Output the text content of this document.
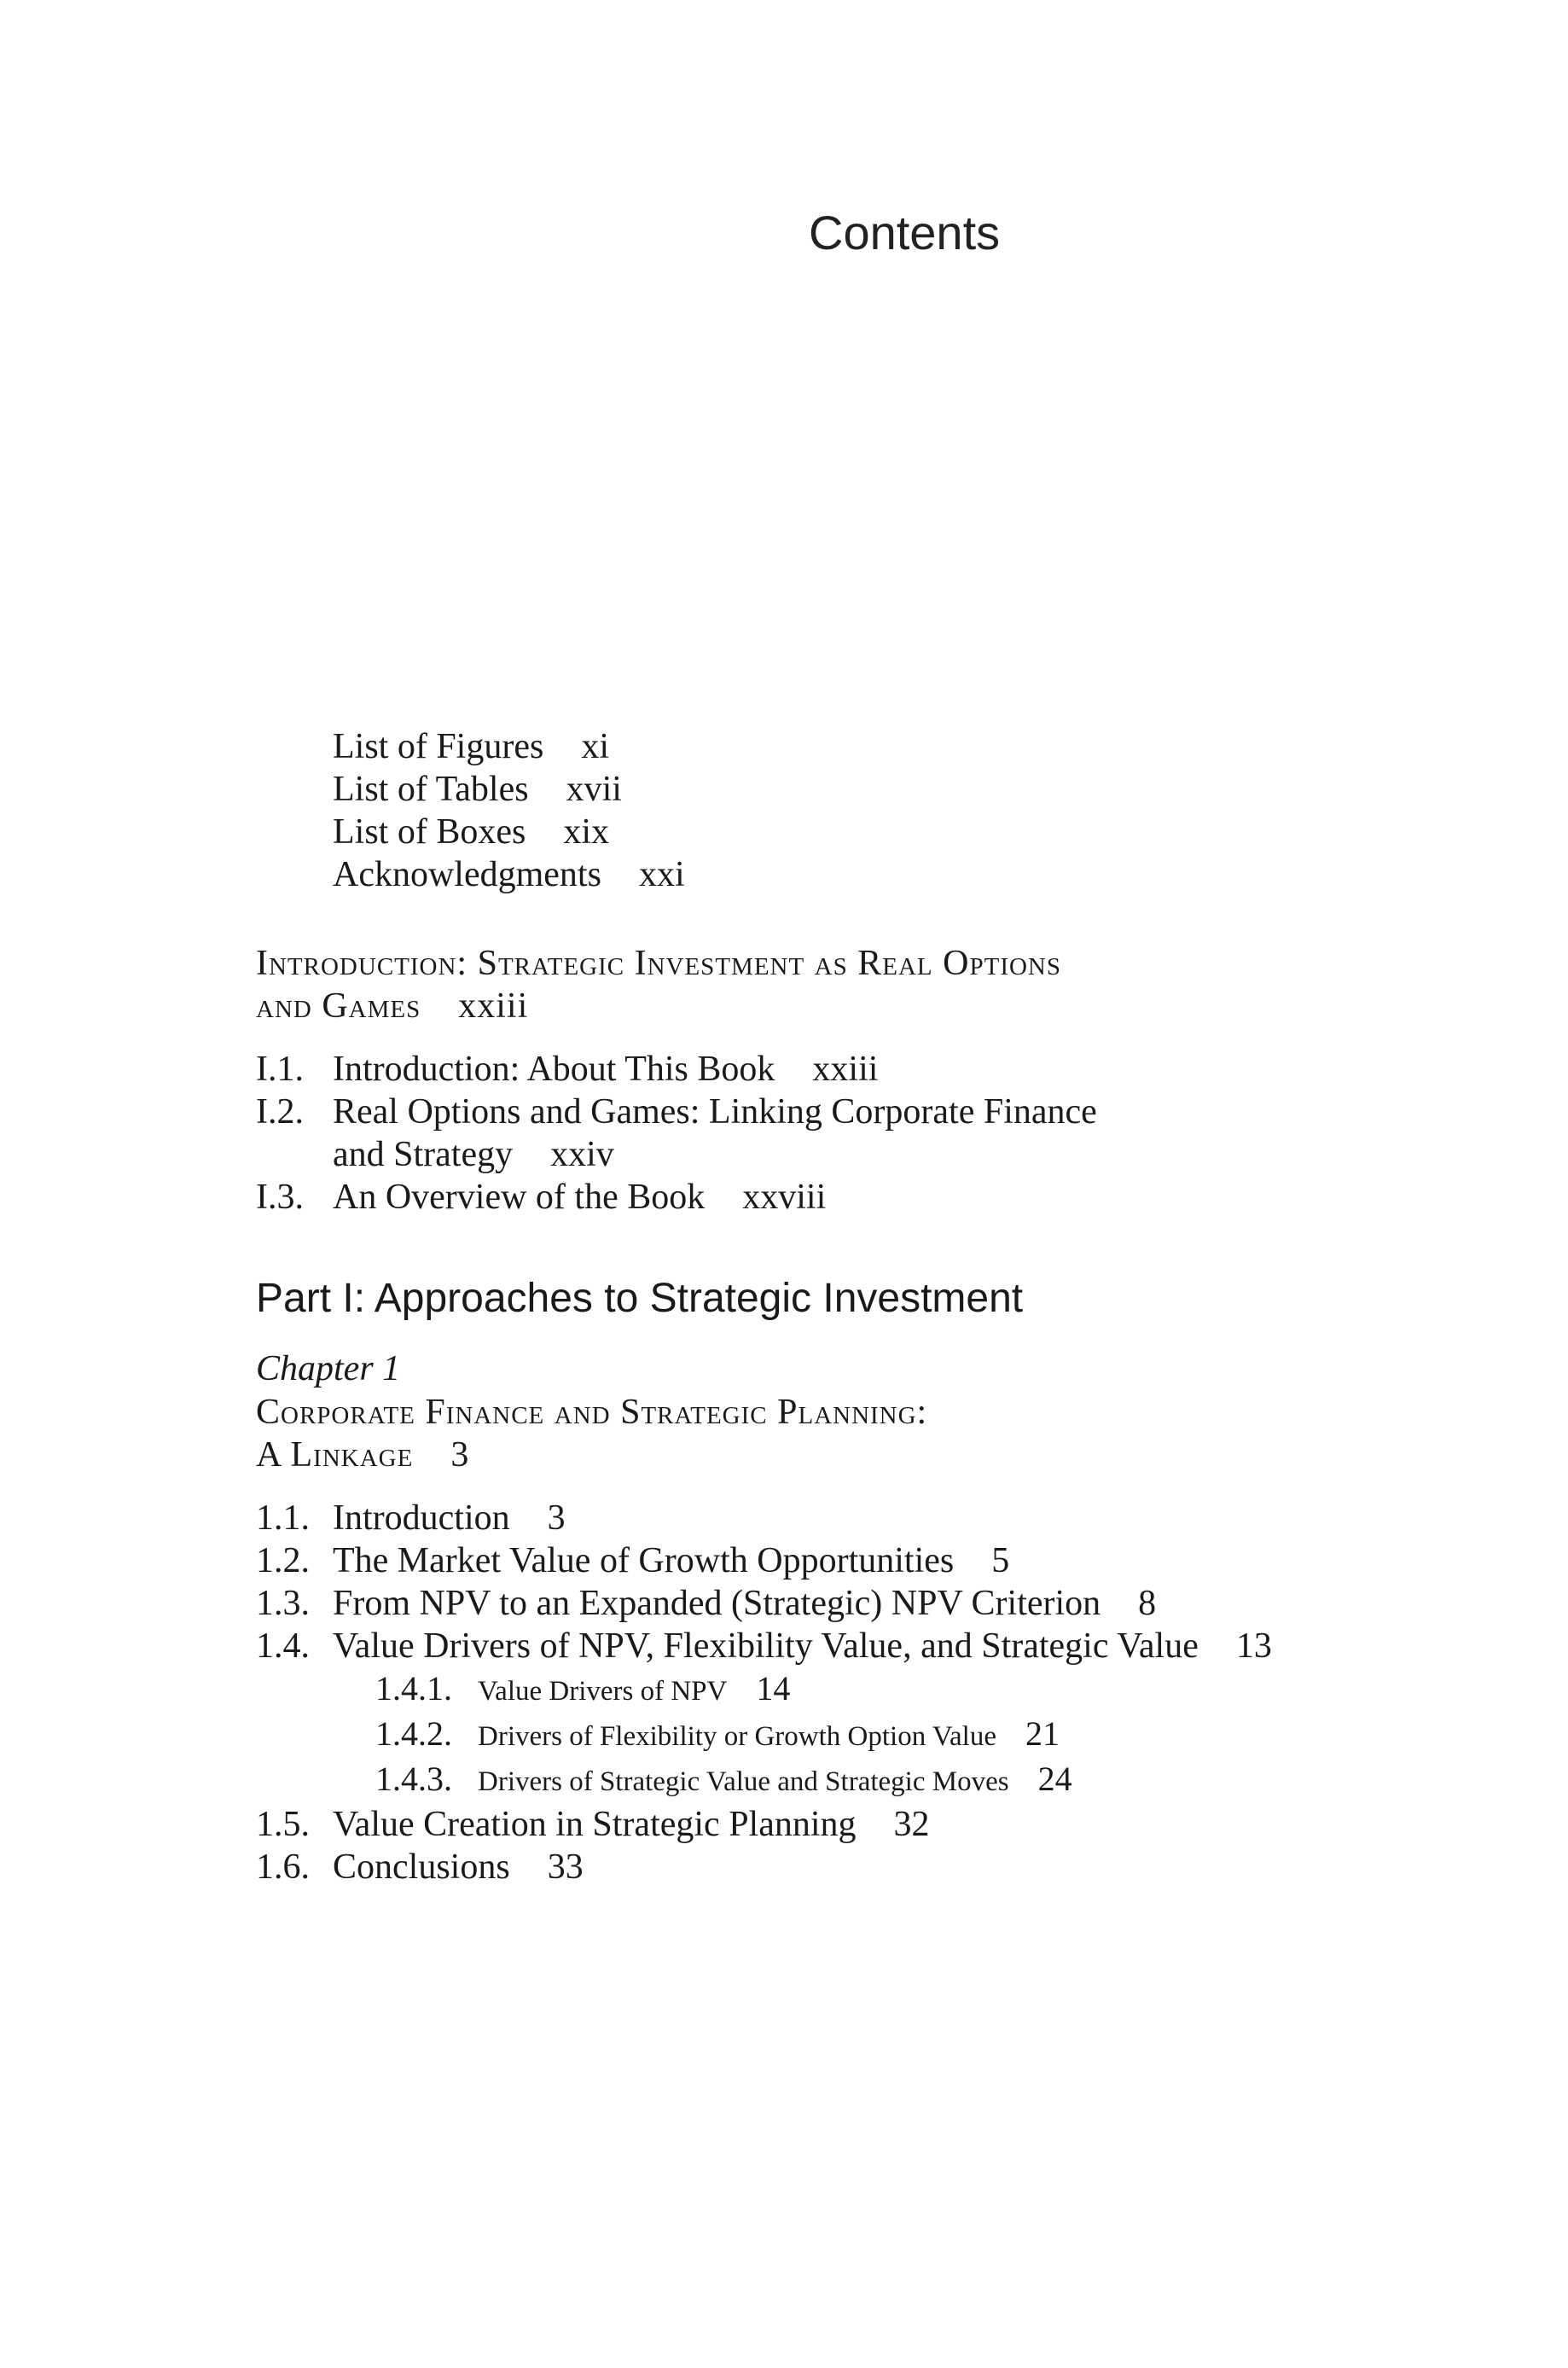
Contents
List of Figures xi
List of Tables xvii
List of Boxes xix
Acknowledgments xxi
Introduction: Strategic Investment as Real Options
and Games xxiii
I.1. Introduction: About This Book xxiii
I.2. Real Options and Games: Linking Corporate Finance
and Strategy xxiv
I.3. An Overview of the Book xxviii
Part I: Approaches to Strategic Investment
Chapter 1
Corporate Finance and Strategic Planning:
A Linkage 3
1.1. Introduction 3
1.2. The Market Value of Growth Opportunities 5
1.3. From NPV to an Expanded (Strategic) NPV Criterion 8
1.4. Value Drivers of NPV, Flexibility Value, and Strategic Value 13
1.4.1. Value Drivers of NPV 14
1.4.2. Drivers of Flexibility or Growth Option Value 21
1.4.3. Drivers of Strategic Value and Strategic Moves 24
1.5. Value Creation in Strategic Planning 32
1.6. Conclusions 33
